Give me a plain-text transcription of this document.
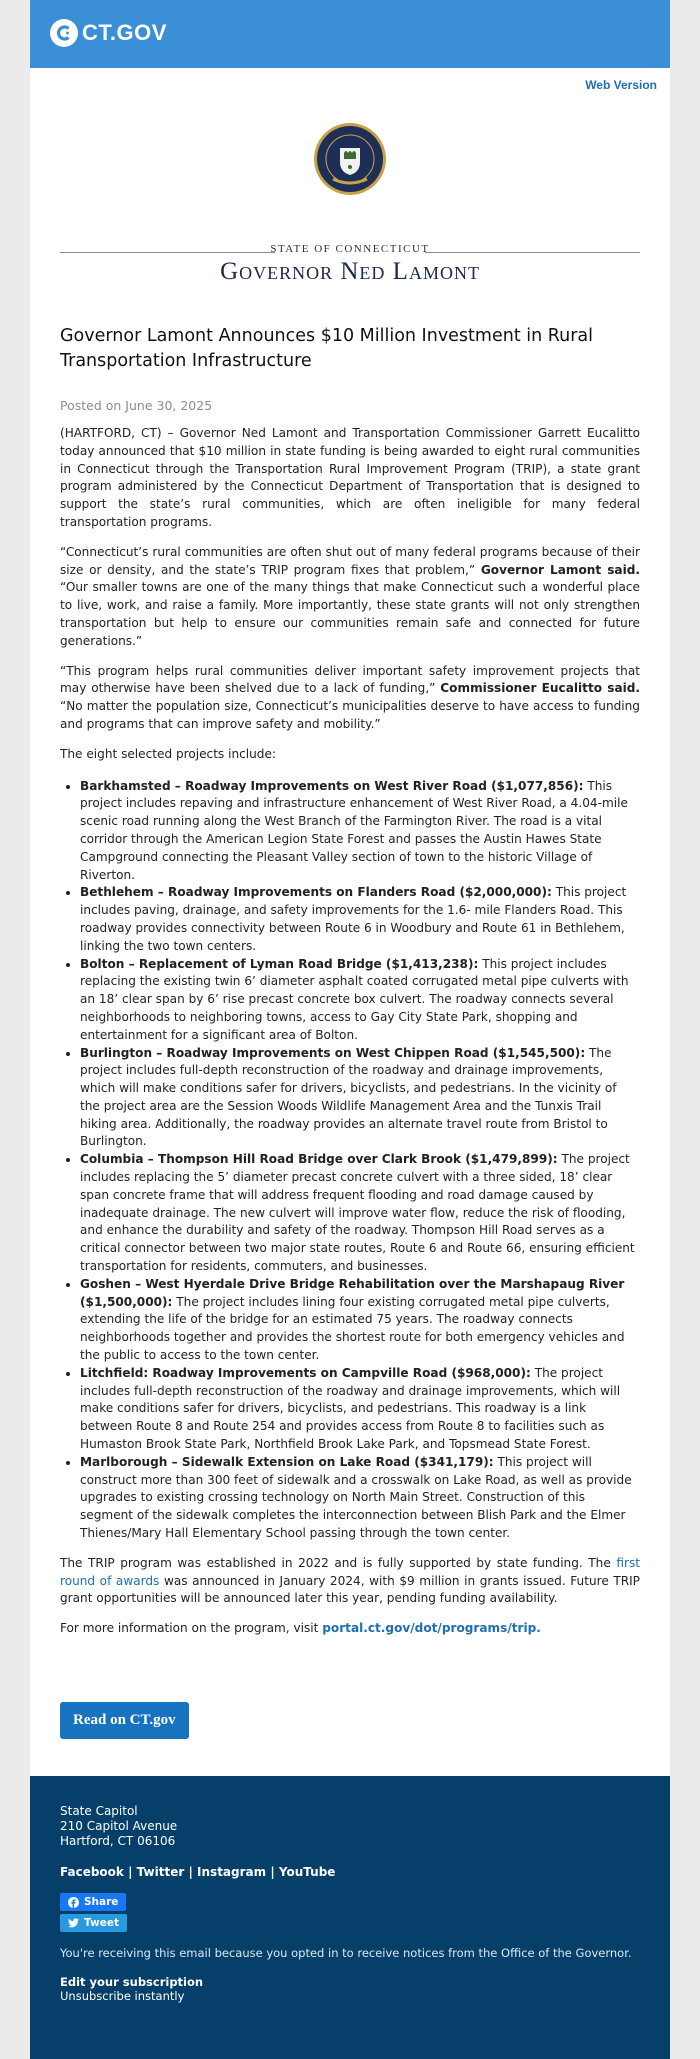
CT.GOV
Web Version
STATE OF CONNECTICUT
Governor Ned Lamont
Governor Lamont Announces $10 Million Investment in Rural Transportation Infrastructure
Posted on June 30, 2025

(HARTFORD, CT) – Governor Ned Lamont and Transportation Commissioner Garrett Eucalitto today announced that $10 million in state funding is being awarded to eight rural communities in Connecticut through the Transportation Rural Improvement Program (TRIP), a state grant program administered by the Connecticut Department of Transportation that is designed to support the state’s rural communities, which are often ineligible for many federal transportation programs.

“Connecticut’s rural communities are often shut out of many federal programs because of their size or density, and the state’s TRIP program fixes that problem,” Governor Lamont said. “Our smaller towns are one of the many things that make Connecticut such a wonderful place to live, work, and raise a family. More importantly, these state grants will not only strengthen transportation but help to ensure our communities remain safe and connected for future generations.”

“This program helps rural communities deliver important safety improvement projects that may otherwise have been shelved due to a lack of funding,” Commissioner Eucalitto said. “No matter the population size, Connecticut’s municipalities deserve to have access to funding and programs that can improve safety and mobility.”

The eight selected projects include:

• Barkhamsted – Roadway Improvements on West River Road ($1,077,856): This project includes repaving and infrastructure enhancement of West River Road, a 4.04-mile scenic road running along the West Branch of the Farmington River. The road is a vital corridor through the American Legion State Forest and passes the Austin Hawes State Campground connecting the Pleasant Valley section of town to the historic Village of Riverton.
• Bethlehem – Roadway Improvements on Flanders Road ($2,000,000): This project includes paving, drainage, and safety improvements for the 1.6- mile Flanders Road. This roadway provides connectivity between Route 6 in Woodbury and Route 61 in Bethlehem, linking the two town centers.
• Bolton – Replacement of Lyman Road Bridge ($1,413,238): This project includes replacing the existing twin 6’ diameter asphalt coated corrugated metal pipe culverts with an 18’ clear span by 6’ rise precast concrete box culvert. The roadway connects several neighborhoods to neighboring towns, access to Gay City State Park, shopping and entertainment for a significant area of Bolton.
• Burlington – Roadway Improvements on West Chippen Road ($1,545,500): The project includes full-depth reconstruction of the roadway and drainage improvements, which will make conditions safer for drivers, bicyclists, and pedestrians. In the vicinity of the project area are the Session Woods Wildlife Management Area and the Tunxis Trail hiking area. Additionally, the roadway provides an alternate travel route from Bristol to Burlington.
• Columbia – Thompson Hill Road Bridge over Clark Brook ($1,479,899): The project includes replacing the 5’ diameter precast concrete culvert with a three sided, 18’ clear span concrete frame that will address frequent flooding and road damage caused by inadequate drainage. The new culvert will improve water flow, reduce the risk of flooding, and enhance the durability and safety of the roadway. Thompson Hill Road serves as a critical connector between two major state routes, Route 6 and Route 66, ensuring efficient transportation for residents, commuters, and businesses.
• Goshen – West Hyerdale Drive Bridge Rehabilitation over the Marshapaug River ($1,500,000): The project includes lining four existing corrugated metal pipe culverts, extending the life of the bridge for an estimated 75 years. The roadway connects neighborhoods together and provides the shortest route for both emergency vehicles and the public to access to the town center.
• Litchfield: Roadway Improvements on Campville Road ($968,000): The project includes full-depth reconstruction of the roadway and drainage improvements, which will make conditions safer for drivers, bicyclists, and pedestrians. This roadway is a link between Route 8 and Route 254 and provides access from Route 8 to facilities such as Humaston Brook State Park, Northfield Brook Lake Park, and Topsmead State Forest.
• Marlborough – Sidewalk Extension on Lake Road ($341,179): This project will construct more than 300 feet of sidewalk and a crosswalk on Lake Road, as well as provide upgrades to existing crossing technology on North Main Street. Construction of this segment of the sidewalk completes the interconnection between Blish Park and the Elmer Thienes/Mary Hall Elementary School passing through the town center.

The TRIP program was established in 2022 and is fully supported by state funding. The first round of awards was announced in January 2024, with $9 million in grants issued. Future TRIP grant opportunities will be announced later this year, pending funding availability.

For more information on the program, visit portal.ct.gov/dot/programs/trip.

Read on CT.gov
State Capitol
210 Capitol Avenue
Hartford, CT 06106
Facebook | Twitter | Instagram | YouTube
Share
Tweet
You're receiving this email because you opted in to receive notices from the Office of the Governor.
Edit your subscription
Unsubscribe instantly
